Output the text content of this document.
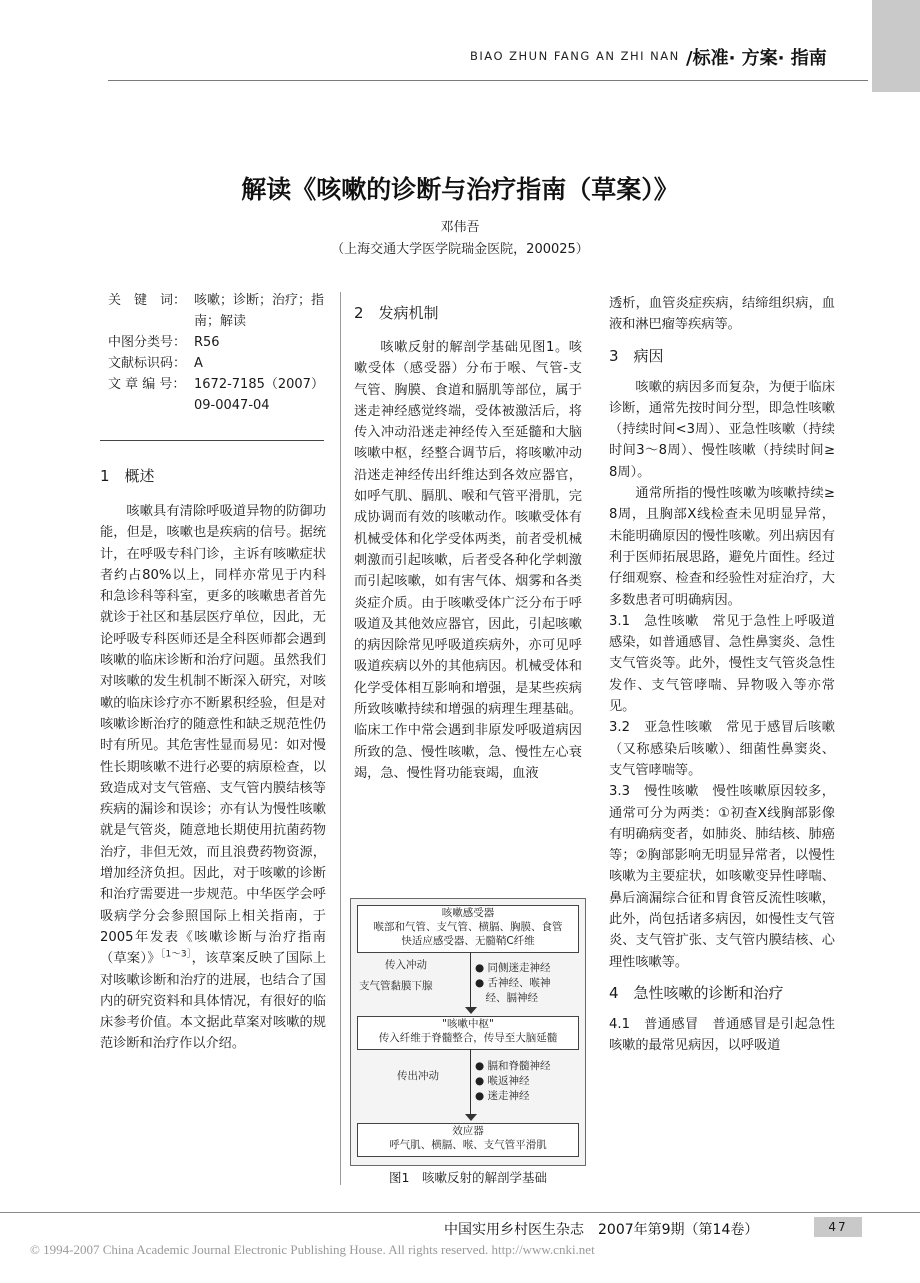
BIAO ZHUN FANG AN ZHI NAN /标准· 方案· 指南
解读《咳嗽的诊断与治疗指南（草案）》
邓伟吾
（上海交通大学医学院瑞金医院，200025）
关　键　词： 咳嗽；诊断；治疗；指南；解读
中图分类号： R56
文献标识码： A
文 章 编 号： 1672-7185（2007）09-0047-04
1　概述

咳嗽具有清除呼吸道异物的防御功能，但是，咳嗽也是疾病的信号。据统计，在呼吸专科门诊，主诉有咳嗽症状者约占80%以上，同样亦常见于内科和急诊科等科室，更多的咳嗽患者首先就诊于社区和基层医疗单位，因此，无论呼吸专科医师还是全科医师都会遇到咳嗽的临床诊断和治疗问题。虽然我们对咳嗽的发生机制不断深入研究，对咳嗽的临床诊疗亦不断累积经验，但是对咳嗽诊断治疗的随意性和缺乏规范性仍时有所见。其危害性显而易见：如对慢性长期咳嗽不进行必要的病原检查，以致造成对支气管癌、支气管内膜结核等疾病的漏诊和误诊；亦有认为慢性咳嗽就是气管炎，随意地长期使用抗菌药物治疗，非但无效，而且浪费药物资源，增加经济负担。因此，对于咳嗽的诊断和治疗需要进一步规范。中华医学会呼吸病学分会参照国际上相关指南，于2005年发表《咳嗽诊断与治疗指南（草案）》$^{[1\sim 3]}$，该草案反映了国际上对咳嗽诊断和治疗的进展，也结合了国内的研究资料和具体情况，有很好的临床参考价值。本文据此草案对咳嗽的规范诊断和治疗作以介绍。

2　发病机制

咳嗽反射的解剖学基础见图1。咳嗽受体（感受器）分布于喉、气管-支气管、胸膜、食道和膈肌等部位，属于迷走神经感觉终端，受体被激活后，将传入冲动沿迷走神经传入至延髓和大脑咳嗽中枢，经整合调节后，将咳嗽冲动沿迷走神经传出纤维达到各效应器官，如呼气肌、膈肌、喉和气管平滑肌，完成协调而有效的咳嗽动作。咳嗽受体有机械受体和化学受体两类，前者受机械刺激而引起咳嗽，后者受各种化学刺激而引起咳嗽，如有害气体、烟雾和各类炎症介质。由于咳嗽受体广泛分布于呼吸道及其他效应器官，因此，引起咳嗽的病因除常见呼吸道疾病外，亦可见呼吸道疾病以外的其他病因。机械受体和化学受体相互影响和增强，是某些疾病所致咳嗽持续和增强的病理生理基础。临床工作中常会遇到非原发呼吸道病因所致的急、慢性咳嗽，急、慢性左心衰竭，急、慢性肾功能衰竭，血液

咳嗽感受器
喉部和气管、支气管、横膈、胸膜、食管
快适应感受器、无髓鞘C纤维
传入冲动
支气管黏膜下腺
● 同侧迷走神经
● 舌神经、喉神
　经、膈神经
"咳嗽中枢"
传入纤维于脊髓整合，传导至大脑延髓
传出冲动
● 膈和脊髓神经
● 喉返神经
● 迷走神经
效应器
呼气肌、横膈、喉、支气管平滑肌
图1　咳嗽反射的解剖学基础

透析，血管炎症疾病，结缔组织病，血液和淋巴瘤等疾病等。

3　病因

咳嗽的病因多而复杂，为便于临床诊断，通常先按时间分型，即急性咳嗽（持续时间<3周）、亚急性咳嗽（持续时间3～8周）、慢性咳嗽（持续时间≥ 8周）。

通常所指的慢性咳嗽为咳嗽持续≥ 8周，且胸部X线检查未见明显异常，未能明确原因的慢性咳嗽。列出病因有利于医师拓展思路，避免片面性。经过仔细观察、检查和经验性对症治疗，大多数患者可明确病因。

3.1　急性咳嗽　常见于急性上呼吸道感染，如普通感冒、急性鼻窦炎、急性支气管炎等。此外，慢性支气管炎急性发作、支气管哮喘、异物吸入等亦常见。

3.2　亚急性咳嗽　常见于感冒后咳嗽（又称感染后咳嗽）、细菌性鼻窦炎、支气管哮喘等。

3.3　慢性咳嗽　慢性咳嗽原因较多，通常可分为两类：①初查X线胸部影像有明确病变者，如肺炎、肺结核、肺癌等；②胸部影响无明显异常者，以慢性咳嗽为主要症状，如咳嗽变异性哮喘、鼻后滴漏综合征和胃食管反流性咳嗽，此外，尚包括诸多病因，如慢性支气管炎、支气管扩张、支气管内膜结核、心理性咳嗽等。

4　急性咳嗽的诊断和治疗

4.1　普通感冒　普通感冒是引起急性咳嗽的最常见病因，以呼吸道

中国实用乡村医生杂志　2007年第9期（第14卷）	47
© 1994-2007 China Academic Journal Electronic Publishing House. All rights reserved. http://www.cnki.net
